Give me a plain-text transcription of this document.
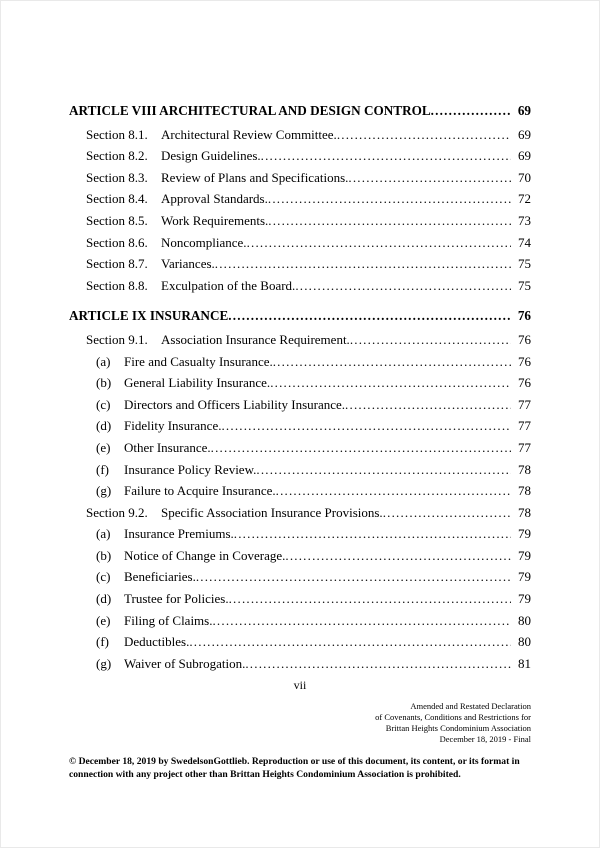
ARTICLE VIII ARCHITECTURAL AND DESIGN CONTROL .....	69
Section 8.1. Architectural Review Committee. .....	69
Section 8.2. Design Guidelines. .....	69
Section 8.3. Review of Plans and Specifications. .....	70
Section 8.4. Approval Standards. .....	72
Section 8.5. Work Requirements. .....	73
Section 8.6. Noncompliance. .....	74
Section 8.7. Variances. .....	75
Section 8.8. Exculpation of the Board. .....	75
ARTICLE IX INSURANCE .....	76
Section 9.1. Association Insurance Requirement. .....	76
(a) Fire and Casualty Insurance. .....	76
(b) General Liability Insurance. .....	76
(c) Directors and Officers Liability Insurance. .....	77
(d) Fidelity Insurance. .....	77
(e) Other Insurance. .....	77
(f) Insurance Policy Review. .....	78
(g) Failure to Acquire Insurance. .....	78
Section 9.2. Specific Association Insurance Provisions. .....	78
(a) Insurance Premiums. .....	79
(b) Notice of Change in Coverage. .....	79
(c) Beneficiaries. .....	79
(d) Trustee for Policies. .....	79
(e) Filing of Claims. .....	80
(f) Deductibles. .....	80
(g) Waiver of Subrogation. .....	81
vii
Amended and Restated Declaration
of Covenants, Conditions and Restrictions for
Brittan Heights Condominium Association
December 18, 2019 - Final
© December 18, 2019 by SwedelsonGottlieb. Reproduction or use of this document, its content, or its format in connection with any project other than Brittan Heights Condominium Association is prohibited.
